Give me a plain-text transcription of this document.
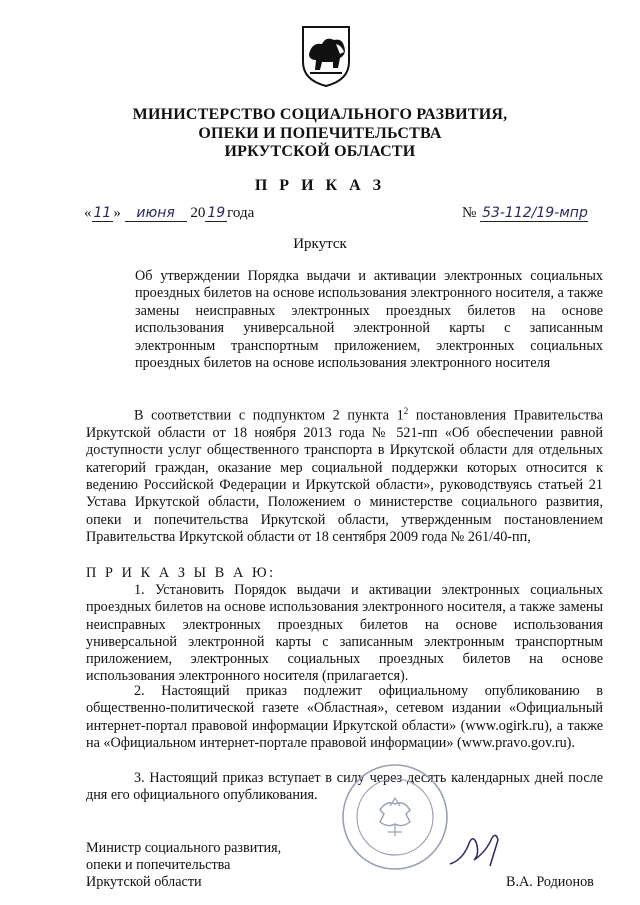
МИНИСТЕРСТВО СОЦИАЛЬНОГО РАЗВИТИЯ,
ОПЕКИ И ПОПЕЧИТЕЛЬСТВА
ИРКУТСКОЙ ОБЛАСТИ
П Р И К А З
« 11 » июня 20 19 года	№ 53-112/19-мпр
Иркутск
Об утверждении Порядка выдачи и активации электронных социальных проездных билетов на основе использования электронного носителя, а также замены неисправных электронных проездных билетов на основе использования универсальной электронной карты с записанным электронным транспортным приложением, электронных социальных проездных билетов на основе использования электронного носителя
В соответствии с подпунктом 2 пункта $1^2$ постановления Правительства Иркутской области от 18 ноября 2013 года № 521-пп «Об обеспечении равной доступности услуг общественного транспорта в Иркутской области для отдельных категорий граждан, оказание мер социальной поддержки которых относится к ведению Российской Федерации и Иркутской области», руководствуясь статьей 21 Устава Иркутской области, Положением о министерстве социального развития, опеки и попечительства Иркутской области, утвержденным постановлением Правительства Иркутской области от 18 сентября 2009 года № 261/40-пп,
П Р И К А З Ы В А Ю:
1. Установить Порядок выдачи и активации электронных социальных проездных билетов на основе использования электронного носителя, а также замены неисправных электронных проездных билетов на основе использования универсальной электронной карты с записанным электронным транспортным приложением, электронных социальных проездных билетов на основе использования электронного носителя (прилагается).
2. Настоящий приказ подлежит официальному опубликованию в общественно-политической газете «Областная», сетевом издании «Официальный интернет-портал правовой информации Иркутской области» (www.ogirk.ru), а также на «Официальном интернет-портале правовой информации» (www.pravo.gov.ru).
3. Настоящий приказ вступает в силу через десять календарных дней после дня его официального опубликования.
Министр социального развития,
опеки и попечительства
Иркутской области	В.А. Родионов
